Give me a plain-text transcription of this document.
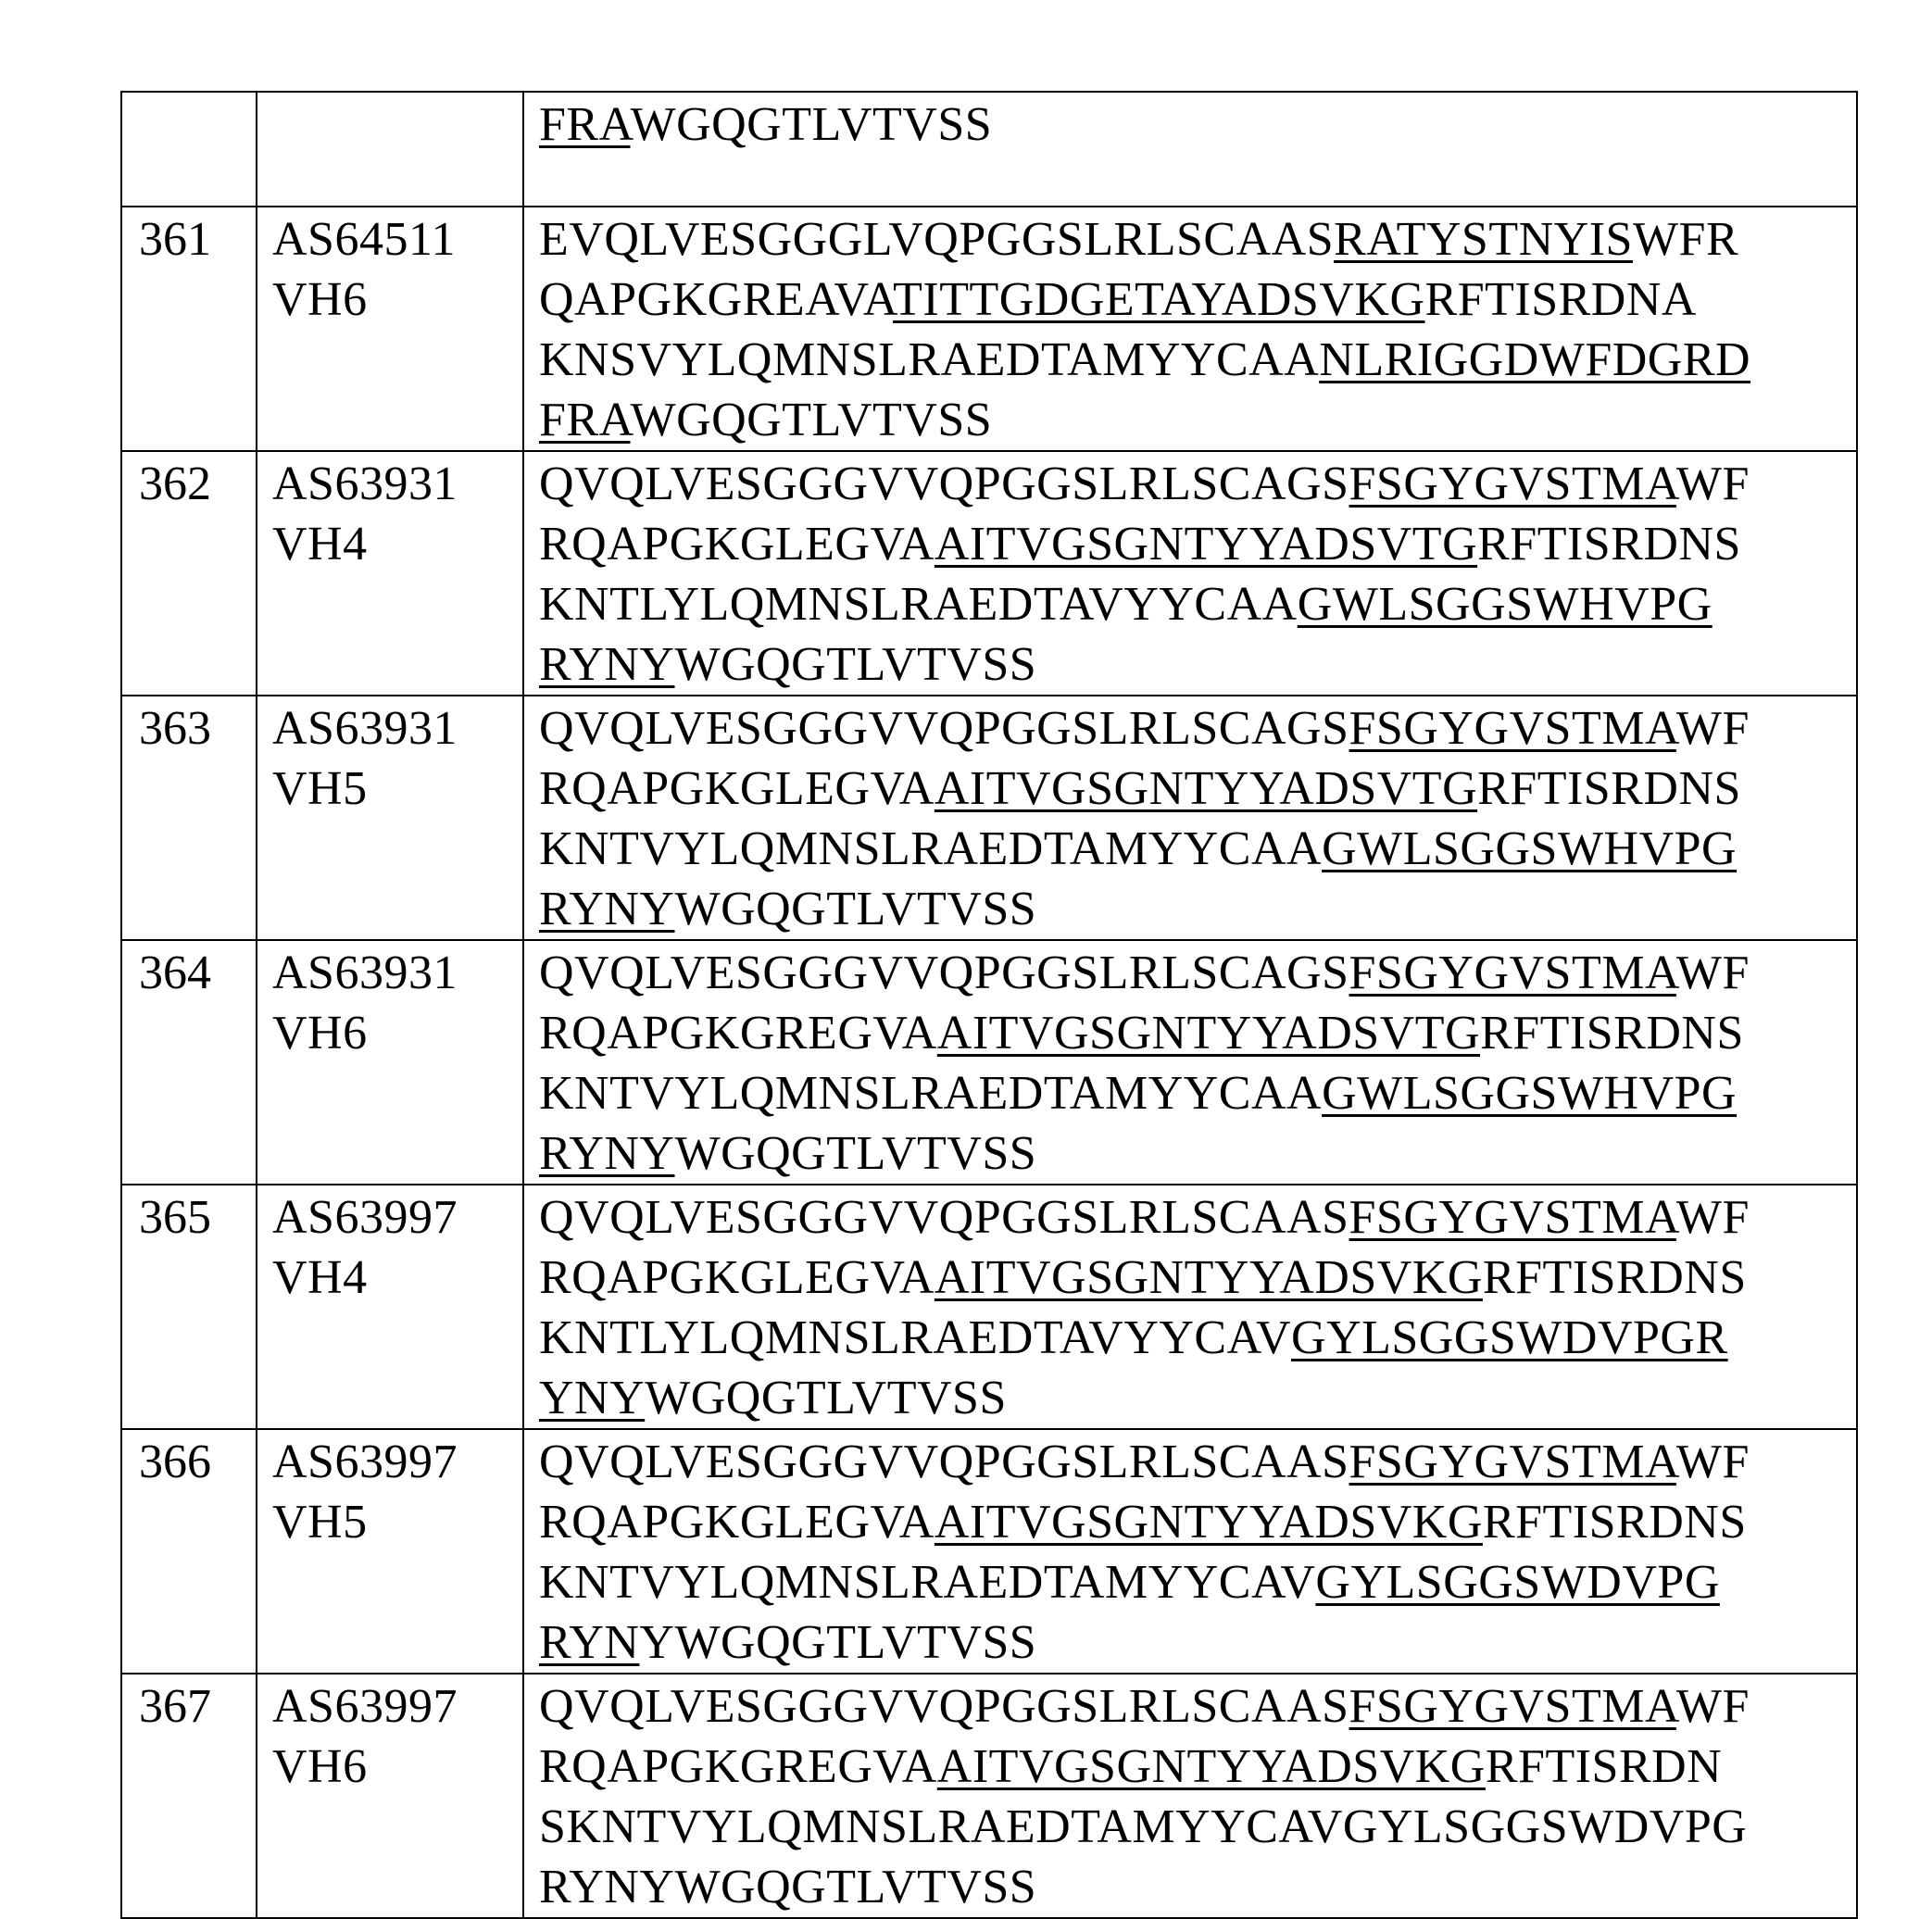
FRAWGQGTLVTVSS

361	AS64511
VH6

EVQLVESGGGLVQPGGSLRLSCAASRATYSTNYISWFR
QAPGKGREAVATITTGDGETAYADSVKGRFTISRDNA
KNSVYLQMNSLRAEDTAMYYCAANLRIGGDWFDGRD
FRAWGQGTLVTVSS

362	AS63931
VH4

QVQLVESGGGVVQPGGSLRLSCAGSFSGYGVSTMAWF
RQAPGKGLEGVAAITVGSGNTYYADSVTGRFTISRDNS
KNTLYLQMNSLRAEDTAVYYCAAGWLSGGSWHVPG
RYNYWGQGTLVTVSS

363	AS63931
VH5

QVQLVESGGGVVQPGGSLRLSCAGSFSGYGVSTMAWF
RQAPGKGLEGVAAITVGSGNTYYADSVTGRFTISRDNS
KNTVYLQMNSLRAEDTAMYYCAAGWLSGGSWHVPG
RYNYWGQGTLVTVSS

364	AS63931
VH6

QVQLVESGGGVVQPGGSLRLSCAGSFSGYGVSTMAWF
RQAPGKGREGVAAITVGSGNTYYADSVTGRFTISRDNS
KNTVYLQMNSLRAEDTAMYYCAAGWLSGGSWHVPG
RYNYWGQGTLVTVSS

365	AS63997
VH4

QVQLVESGGGVVQPGGSLRLSCAASFSGYGVSTMAWF
RQAPGKGLEGVAAITVGSGNTYYADSVKGRFTISRDNS
KNTLYLQMNSLRAEDTAVYYCAVGYLSGGSWDVPGR
YNYWGQGTLVTVSS

366	AS63997
VH5

QVQLVESGGGVVQPGGSLRLSCAASFSGYGVSTMAWF
RQAPGKGLEGVAAITVGSGNTYYADSVKGRFTISRDNS
KNTVYLQMNSLRAEDTAMYYCAVGYLSGGSWDVPG
RYNYWGQGTLVTVSS

367	AS63997
VH6

QVQLVESGGGVVQPGGSLRLSCAASFSGYGVSTMAWF
RQAPGKGREGVAAITVGSGNTYYADSVKGRFTISRDN
SKNTVYLQMNSLRAEDTAMYYCAVGYLSGGSWDVPG
RYNYWGQGTLVTVSS
